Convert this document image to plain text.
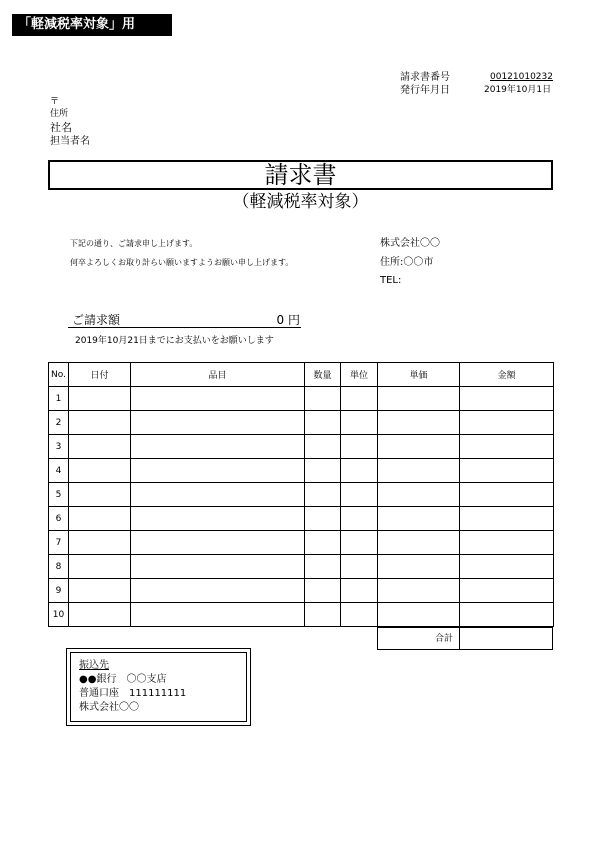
「軽減税率対象」用
請求書番号	00121010232
発行年月日	2019年10月1日
〒
住所
社名
担当者名
請求書
（軽減税率対象）
下記の通り、ご請求申し上げます。
何卒よろしくお取り計らい願いますようお願い申し上げます。
株式会社〇〇
住所:〇〇市
TEL:
ご請求額	0 円
2019年10月21日までにお支払いをお願いします
No.	日付	品目	数量	単位	単価	金額
1						
2						
3						
4						
5						
6						
7						
8						
9						
10						
合計
振込先
●●銀行　〇〇支店
普通口座　111111111
株式会社〇〇
